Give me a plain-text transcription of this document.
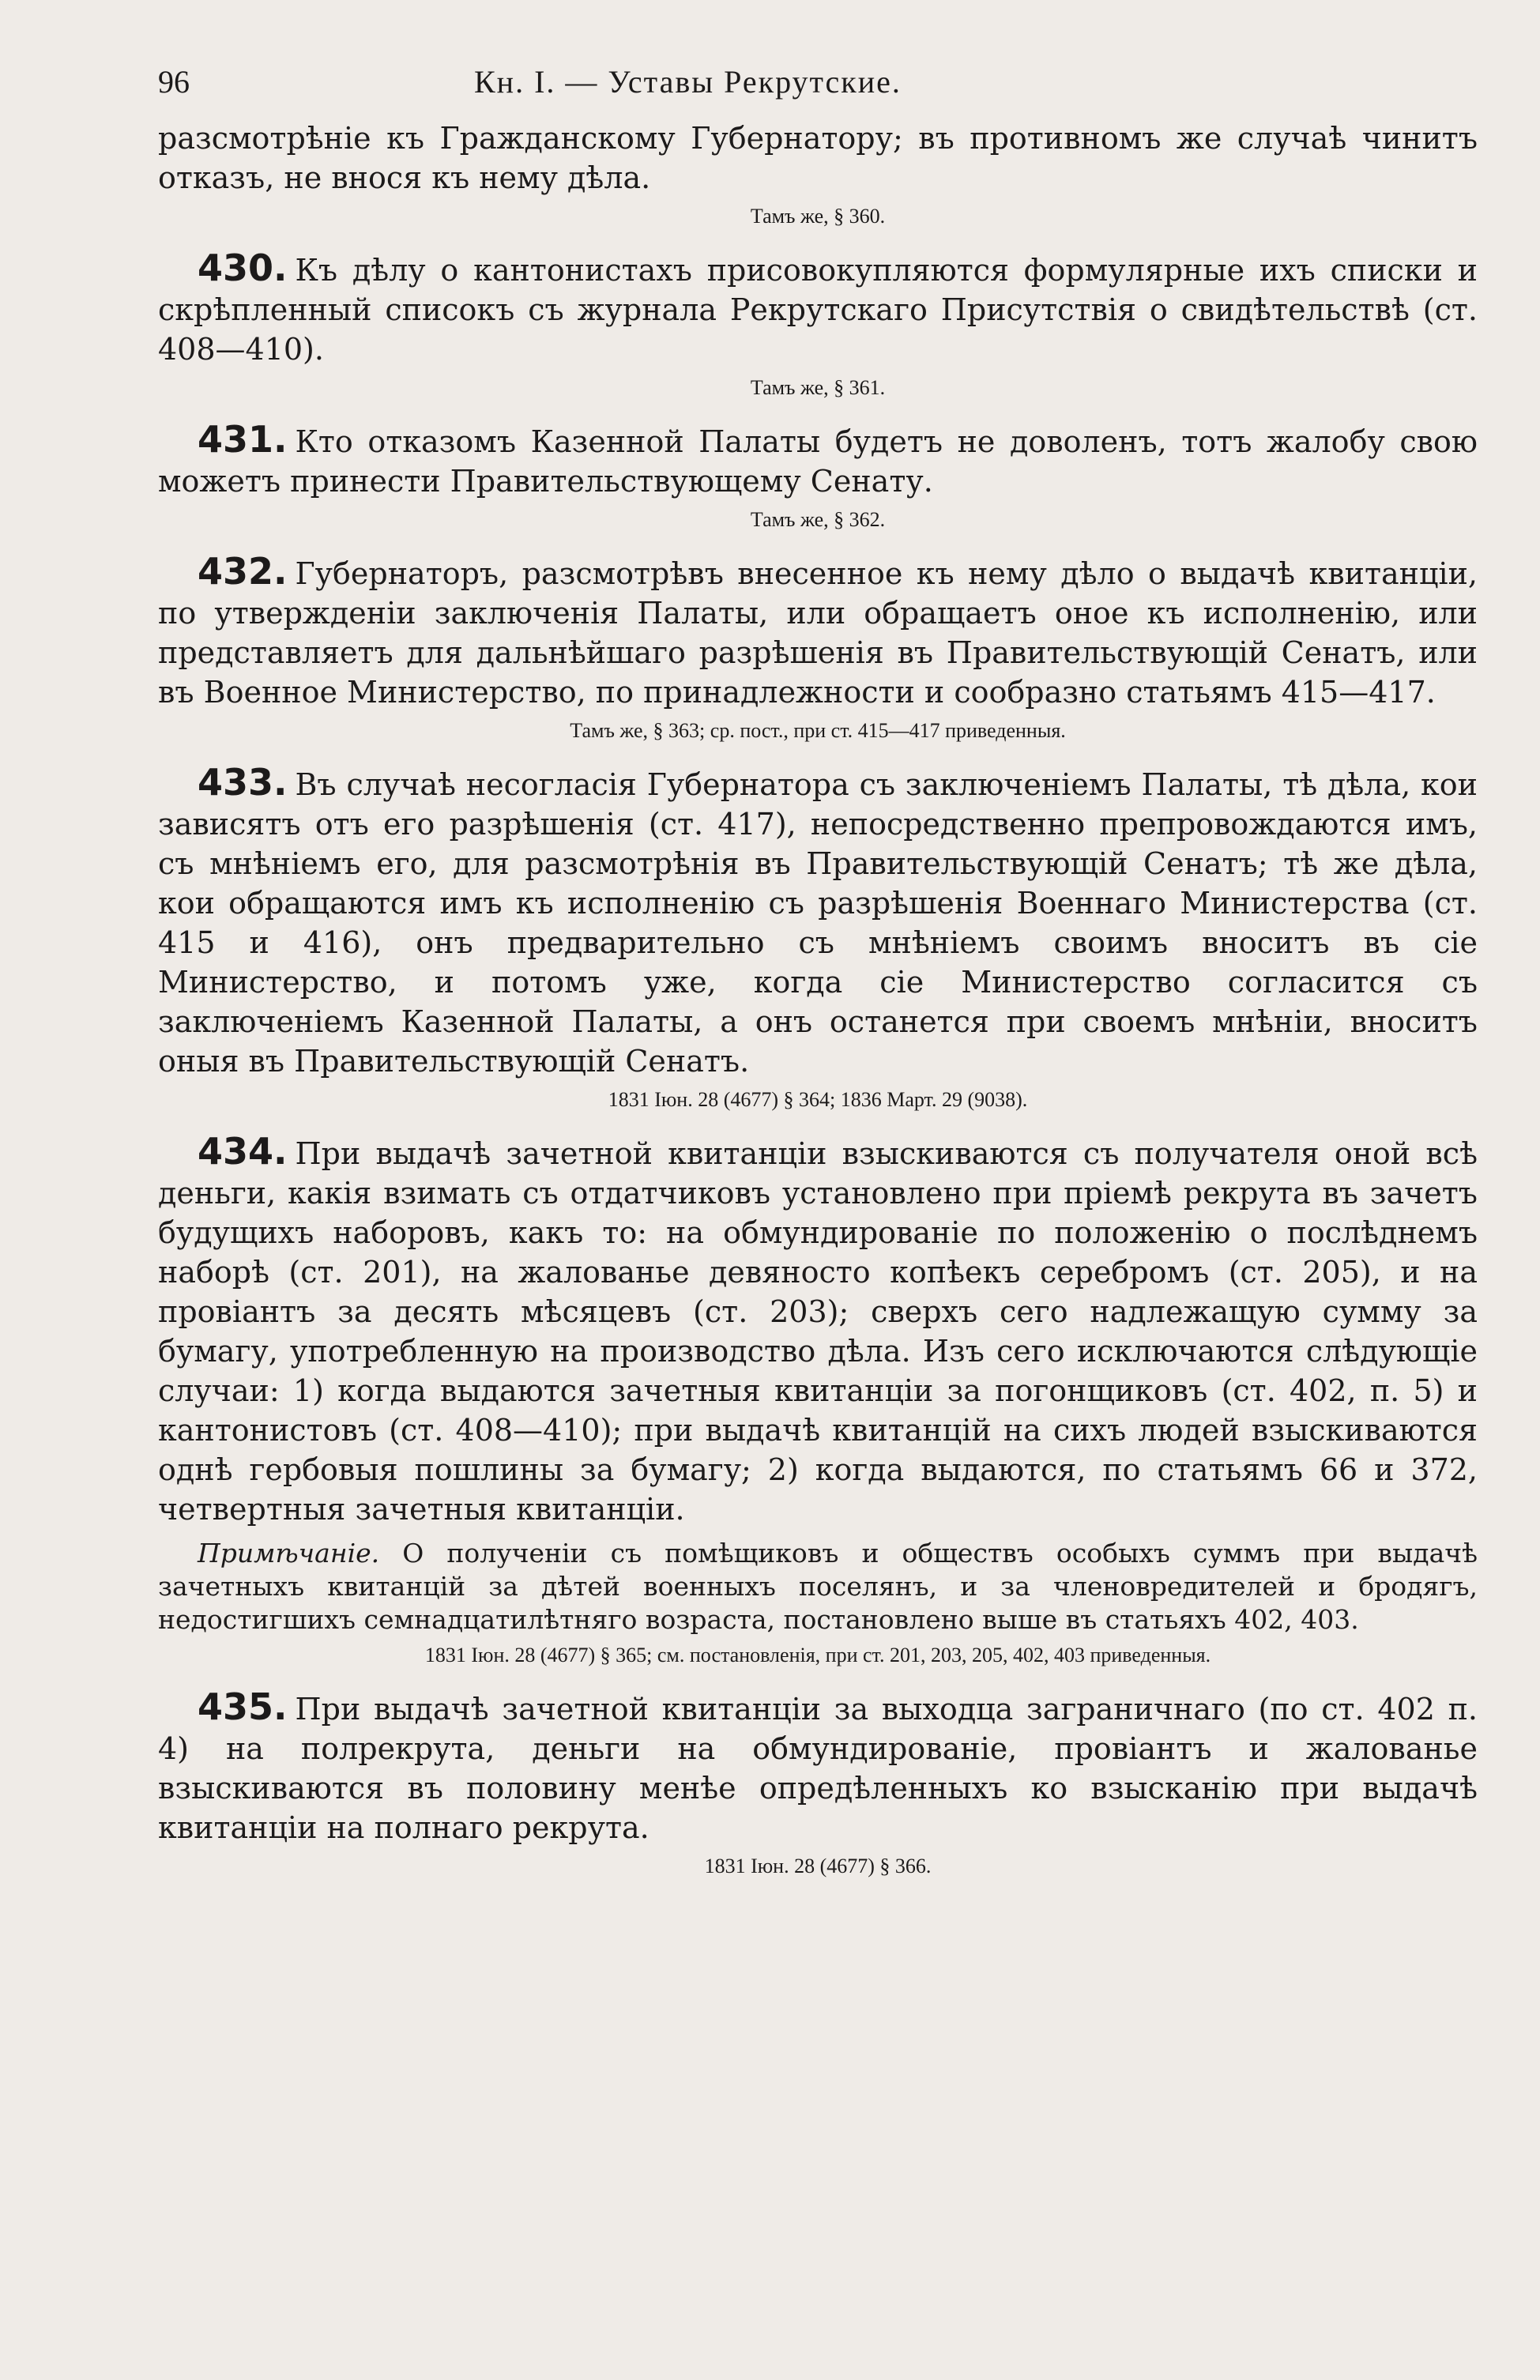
96	Кн. I. — Уставы Рекрутские.

разсмотрѣніе къ Гражданскому Губернатору; въ противномъ же случаѣ чинитъ отказъ, не внося къ нему дѣла.

Тамъ же, § 360.

430. Къ дѣлу о кантонистахъ присовокупляются формулярные ихъ списки и скрѣпленный списокъ съ журнала Рекрутскаго Присутствія о свидѣтельствѣ (ст. 408—410).

Тамъ же, § 361.

431. Кто отказомъ Казенной Палаты будетъ не доволенъ, тотъ жалобу свою можетъ принести Правительствующему Сенату.

Тамъ же, § 362.

432. Губернаторъ, разсмотрѣвъ внесенное къ нему дѣло о выдачѣ квитанціи, по утвержденіи заключенія Палаты, или обращаетъ оное къ исполненію, или представляетъ для дальнѣйшаго разрѣшенія въ Правительствующій Сенатъ, или въ Военное Министерство, по принадлежности и сообразно статьямъ 415—417.

Тамъ же, § 363; ср. пост., при ст. 415—417 приведенныя.

433. Въ случаѣ несогласія Губернатора съ заключеніемъ Палаты, тѣ дѣла, кои зависятъ отъ его разрѣшенія (ст. 417), непосредственно препровождаются имъ, съ мнѣніемъ его, для разсмотрѣнія въ Правительствующій Сенатъ; тѣ же дѣла, кои обращаются имъ къ исполненію съ разрѣшенія Военнаго Министерства (ст. 415 и 416), онъ предварительно съ мнѣніемъ своимъ вноситъ въ сіе Министерство, и потомъ уже, когда сіе Министерство согласится съ заключеніемъ Казенной Палаты, а онъ останется при своемъ мнѣніи, вноситъ оныя въ Правительствующій Сенатъ.

1831 Іюн. 28 (4677) § 364; 1836 Март. 29 (9038).

434. При выдачѣ зачетной квитанціи взыскиваются съ получателя оной всѣ деньги, какія взимать съ отдатчиковъ установлено при пріемѣ рекрута въ зачетъ будущихъ наборовъ, какъ то: на обмундированіе по положенію о послѣднемъ наборѣ (ст. 201), на жалованье девяносто копѣекъ серебромъ (ст. 205), и на провіантъ за десять мѣсяцевъ (ст. 203); сверхъ сего надлежащую сумму за бумагу, употребленную на производство дѣла. Изъ сего исключаются слѣдующіе случаи: 1) когда выдаются зачетныя квитанціи за погонщиковъ (ст. 402, п. 5) и кантонистовъ (ст. 408—410); при выдачѣ квитанцій на сихъ людей взыскиваются однѣ гербовыя пошлины за бумагу; 2) когда выдаются, по статьямъ 66 и 372, четвертныя зачетныя квитанціи.

Примѣчаніе. О полученіи съ помѣщиковъ и обществъ особыхъ суммъ при выдачѣ зачетныхъ квитанцій за дѣтей военныхъ поселянъ, и за членовредителей и бродягъ, недостигшихъ семнадцатилѣтняго возраста, постановлено выше въ статьяхъ 402, 403.

1831 Іюн. 28 (4677) § 365; см. постановленія, при ст. 201, 203, 205, 402, 403 приведенныя.

435. При выдачѣ зачетной квитанціи за выходца заграничнаго (по ст. 402 п. 4) на полрекрута, деньги на обмундированіе, провіантъ и жалованье взыскиваются въ половину менѣе опредѣленныхъ ко взысканію при выдачѣ квитанціи на полнаго рекрута.

1831 Іюн. 28 (4677) § 366.
